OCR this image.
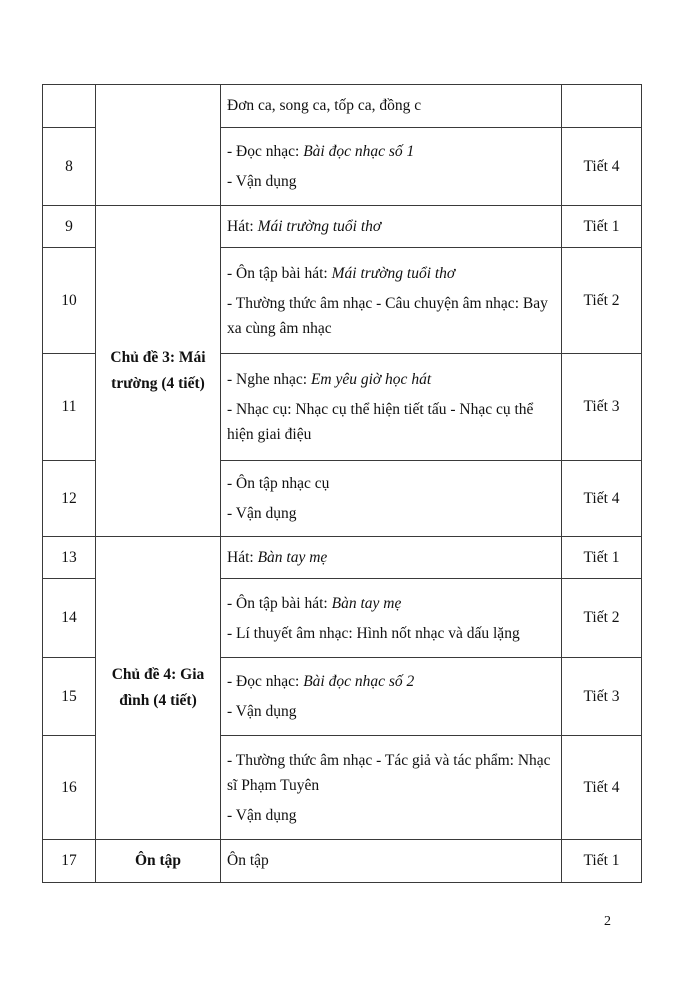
		Đơn ca, song ca, tốp ca, đồng c	

8		- Đọc nhạc: Bài đọc nhạc số 1
- Vận dụng	Tiết 4
9	Chủ đề 3: Mái trường (4 tiết)	Hát: Mái trường tuổi thơ	Tiết 1
10		- Ôn tập bài hát: Mái trường tuổi thơ
- Thường thức âm nhạc - Câu chuyện âm nhạc: Bay xa cùng âm nhạc	Tiết 2
11		- Nghe nhạc: Em yêu giờ học hát
- Nhạc cụ: Nhạc cụ thể hiện tiết tấu - Nhạc cụ thể hiện giai điệu	Tiết 3
12		- Ôn tập nhạc cụ
- Vận dụng	Tiết 4
13	Chủ đề 4: Gia đình (4 tiết)	Hát: Bàn tay mẹ	Tiết 1
14		- Ôn tập bài hát: Bàn tay mẹ
- Lí thuyết âm nhạc: Hình nốt nhạc và dấu lặng	Tiết 2
15		- Đọc nhạc: Bài đọc nhạc số 2
- Vận dụng	Tiết 3
16		- Thường thức âm nhạc - Tác giả và tác phẩm: Nhạc sĩ Phạm Tuyên
- Vận dụng	Tiết 4
17	Ôn tập	Ôn tập	Tiết 1
2
